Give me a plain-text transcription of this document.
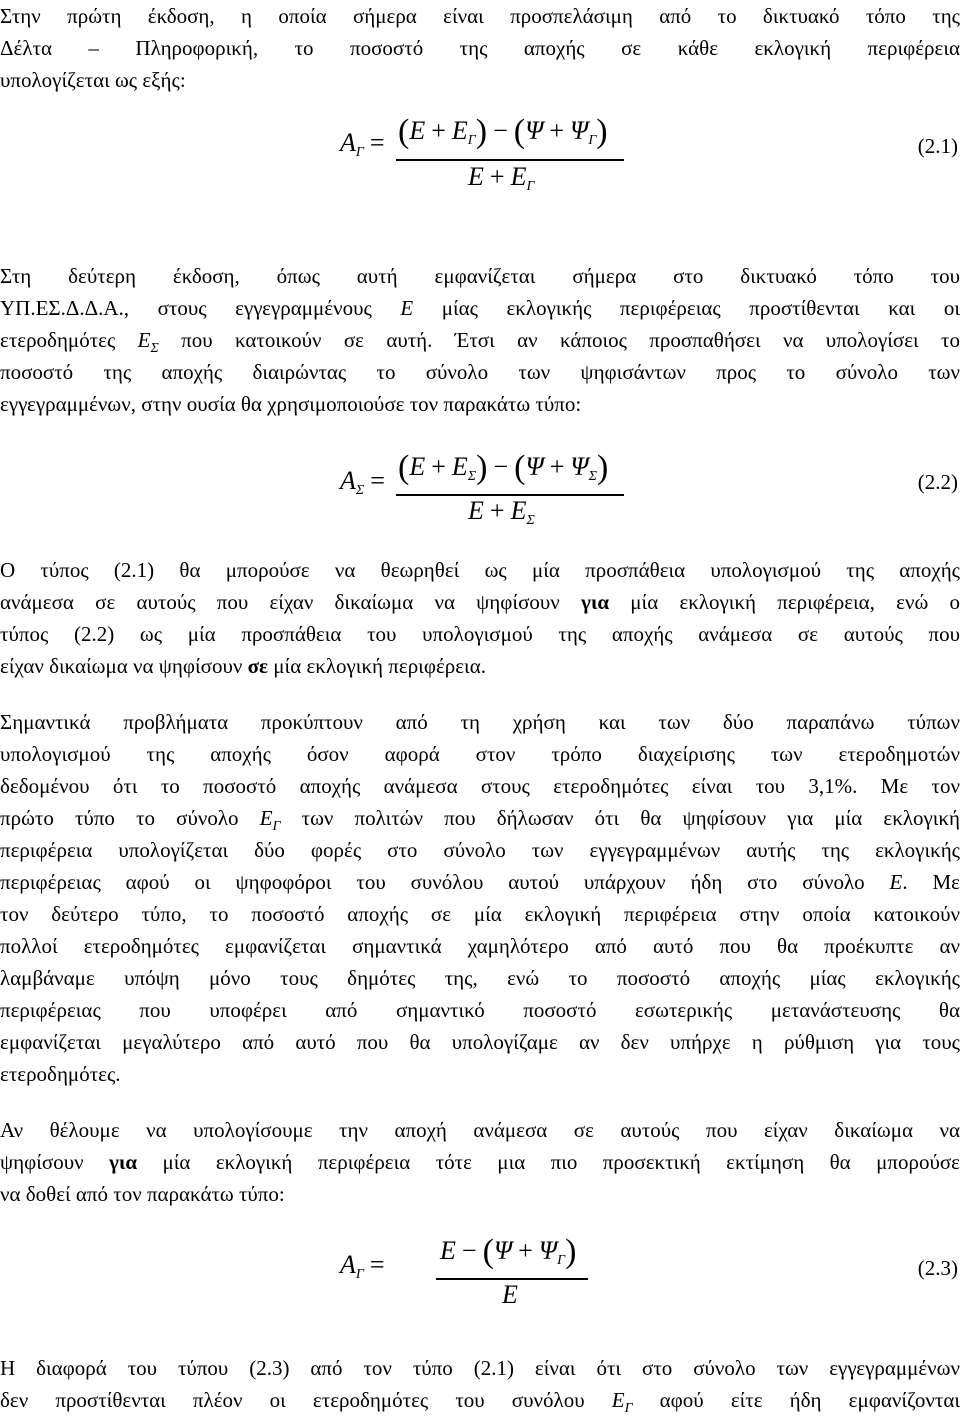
Στην πρώτη έκδοση, η οποία σήμερα είναι προσπελάσιμη από το δικτυακό τόπο της
Δέλτα – Πληροφορική, το ποσοστό της αποχής σε κάθε εκλογική περιφέρεια
υπολογίζεται ως εξής:
AΓ = (E + EΓ) − (Ψ + ΨΓ)
E + EΓ
(2.1)
Στη δεύτερη έκδοση, όπως αυτή εμφανίζεται σήμερα στο δικτυακό τόπο του
ΥΠ.ΕΣ.Δ.Δ.Α., στους εγγεγραμμένους Ε μίας εκλογικής περιφέρειας προστίθενται και οι
ετεροδημότες $E_\Sigma$ που κατοικούν σε αυτή. Έτσι αν κάποιος προσπαθήσει να υπολογίσει το
ποσοστό της αποχής διαιρώντας το σύνολο των ψηφισάντων προς το σύνολο των
εγγεγραμμένων, στην ουσία θα χρησιμοποιούσε τον παρακάτω τύπο:
AΣ = (E + EΣ) − (Ψ + ΨΣ)
E + EΣ
(2.2)
Ο τύπος (2.1) θα μπορούσε να θεωρηθεί ως μία προσπάθεια υπολογισμού της αποχής
ανάμεσα σε αυτούς που είχαν δικαίωμα να ψηφίσουν για μία εκλογική περιφέρεια, ενώ ο
τύπος (2.2) ως μία προσπάθεια του υπολογισμού της αποχής ανάμεσα σε αυτούς που
είχαν δικαίωμα να ψηφίσουν σε μία εκλογική περιφέρεια.
Σημαντικά προβλήματα προκύπτουν από τη χρήση και των δύο παραπάνω τύπων
υπολογισμού της αποχής όσον αφορά στον τρόπο διαχείρισης των ετεροδημοτών
δεδομένου ότι το ποσοστό αποχής ανάμεσα στους ετεροδημότες είναι του 3,1%. Με τον
πρώτο τύπο το σύνολο $E_\Gamma$ των πολιτών που δήλωσαν ότι θα ψηφίσουν για μία εκλογική
περιφέρεια υπολογίζεται δύο φορές στο σύνολο των εγγεγραμμένων αυτής της εκλογικής
περιφέρειας αφού οι ψηφοφόροι του συνόλου αυτού υπάρχουν ήδη στο σύνολο Ε. Με
τον δεύτερο τύπο, το ποσοστό αποχής σε μία εκλογική περιφέρεια στην οποία κατοικούν
πολλοί ετεροδημότες εμφανίζεται σημαντικά χαμηλότερο από αυτό που θα προέκυπτε αν
λαμβάναμε υπόψη μόνο τους δημότες της, ενώ το ποσοστό αποχής μίας εκλογικής
περιφέρειας που υποφέρει από σημαντικό ποσοστό εσωτερικής μετανάστευσης θα
εμφανίζεται μεγαλύτερο από αυτό που θα υπολογίζαμε αν δεν υπήρχε η ρύθμιση για τους
ετεροδημότες.
Αν θέλουμε να υπολογίσουμε την αποχή ανάμεσα σε αυτούς που είχαν δικαίωμα να
ψηφίσουν για μία εκλογική περιφέρεια τότε μια πιο προσεκτική εκτίμηση θα μπορούσε
να δοθεί από τον παρακάτω τύπο:
AΓ = E − (Ψ + ΨΓ)
E
(2.3)
Η διαφορά του τύπου (2.3) από τον τύπο (2.1) είναι ότι στο σύνολο των εγγεγραμμένων
δεν προστίθενται πλέον οι ετεροδημότες του συνόλου $E_\Gamma$ αφού είτε ήδη εμφανίζονται
